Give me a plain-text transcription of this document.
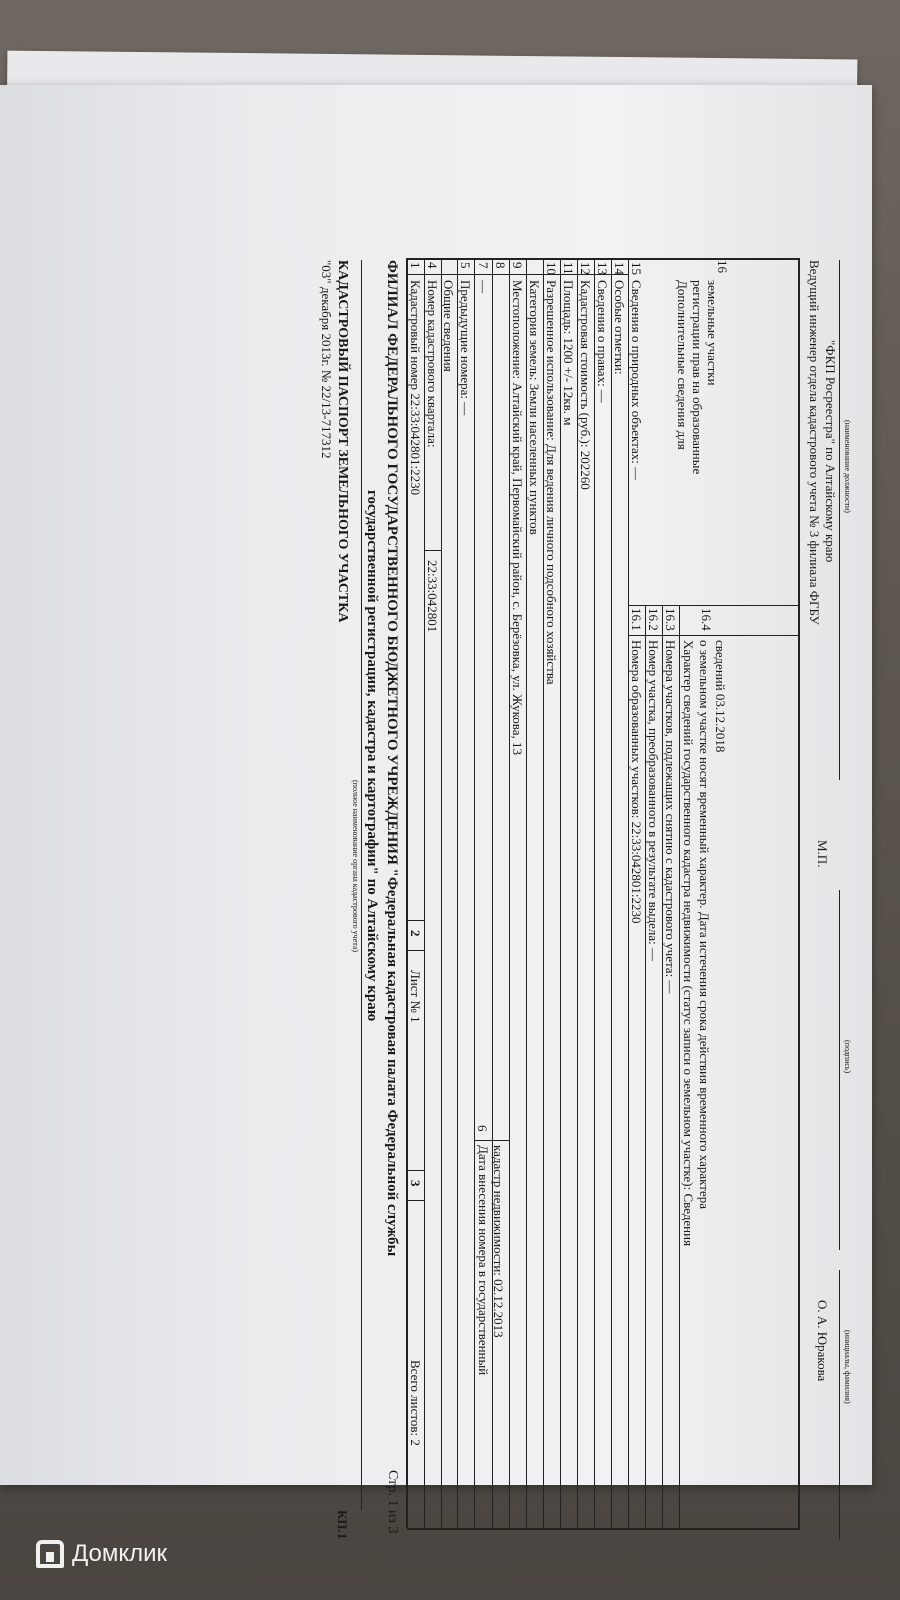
ФИЛИАЛ ФЕДЕРАЛЬНОГО ГОСУДАРСТВЕННОГО БЮДЖЕТНОГО УЧРЕЖДЕНИЯ "Федеральная кадастровая палата Федеральной службы
государственной регистрации, кадастра и картографии" по Алтайскому краю
(полное наименование органа кадастрового учета)
Стр. 1 из 3
КП.1
КАДАСТРОВЫЙ ПАСПОРТ ЗЕМЕЛЬНОГО УЧАСТКА
"03" декабря 2013г. № 22/13-717312	1
Кадастровый номер 22:33:042801:2230
2
Лист № 1
3
Всего листов: 2
4
Номер кадастрового квартала:
22:33:042801
Общие сведения
5
Предыдущие номера: —
6
Дата внесения номера в государственный кадастр недвижимости: 02.12.2013
7
—
8
Местоположение: Алтайский край, Первомайский район, с. Берёзовка, ул. Жукова, 13
9
Категория земель: Земли населенных пунктов
10
Разрешенное использование: Для ведения личного подсобного хозяйства
11
Площадь: 1200 +/- 12кв. м
12
Кадастровая стоимость (руб.): 202260
13
Сведения о правах: —
14
Особые отметки:
15
Сведения о природных объектах: —
16
Дополнительные сведения для регистрации прав на образованные земельные участки
16.1
Номера образованных участков: 22:33:042801:2230
16.2
Номер участка, преобразованного в результате выдела: —
16.3
Номера участков, подлежащих снятию с кадастрового учета: —
16.4
Характер сведений государственного кадастра недвижимости (статус записи о земельном участке): Сведения о земельном участке носят временный характер. Дата истечения срока действия временного характера сведений 03.12.2018
Ведущий инженер отдела кадастрового учета № 3 филиала ФГБУ "ФКП Росреестра" по Алтайскому краю (наименование должности)
М.П.
(подпись)
О. А. Юракова (инициалы, фамилия)
Домклик
